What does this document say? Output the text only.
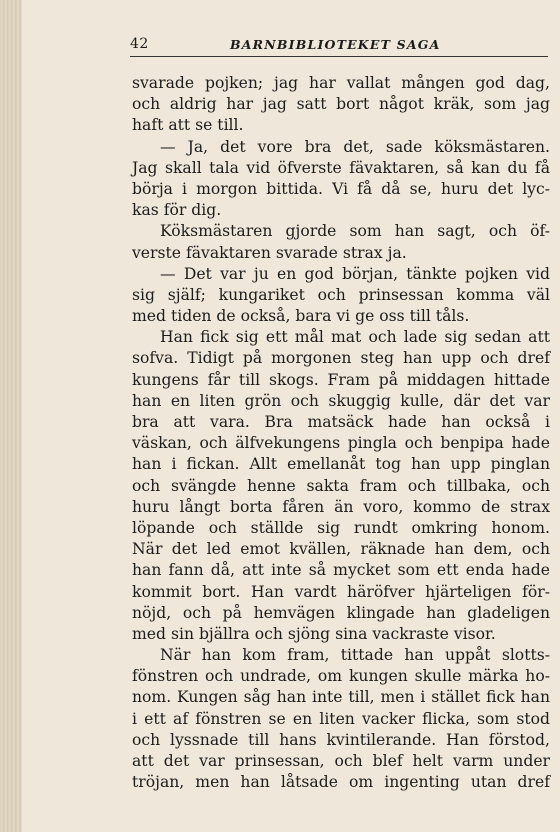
42	BARNBIBLIOTEKET SAGA
svarade pojken; jag har vallat mången god dag,
och aldrig har jag satt bort något kräk, som jag
haft att se till.
— Ja, det vore bra det, sade köksmästaren.
Jag skall tala vid öfverste fävaktaren, så kan du få
börja i morgon bittida. Vi få då se, huru det lyc-
kas för dig.
Köksmästaren gjorde som han sagt, och öf-
verste fävaktaren svarade strax ja.
— Det var ju en god början, tänkte pojken vid
sig själf; kungariket och prinsessan komma väl
med tiden de också, bara vi ge oss till tåls.
Han fick sig ett mål mat och lade sig sedan att
sofva. Tidigt på morgonen steg han upp och dref
kungens får till skogs. Fram på middagen hittade
han en liten grön och skuggig kulle, där det var
bra att vara. Bra matsäck hade han också i
väskan, och älfvekungens pingla och benpipa hade
han i fickan. Allt emellanåt tog han upp pinglan
och svängde henne sakta fram och tillbaka, och
huru långt borta fåren än voro, kommo de strax
löpande och ställde sig rundt omkring honom.
När det led emot kvällen, räknade han dem, och
han fann då, att inte så mycket som ett enda hade
kommit bort. Han vardt häröfver hjärteligen för-
nöjd, och på hemvägen klingade han gladeligen
med sin bjällra och sjöng sina vackraste visor.
När han kom fram, tittade han uppåt slotts-
fönstren och undrade, om kungen skulle märka ho-
nom. Kungen såg han inte till, men i stället fick han
i ett af fönstren se en liten vacker flicka, som stod
och lyssnade till hans kvintilerande. Han förstod,
att det var prinsessan, och blef helt varm under
tröjan, men han låtsade om ingenting utan dref
